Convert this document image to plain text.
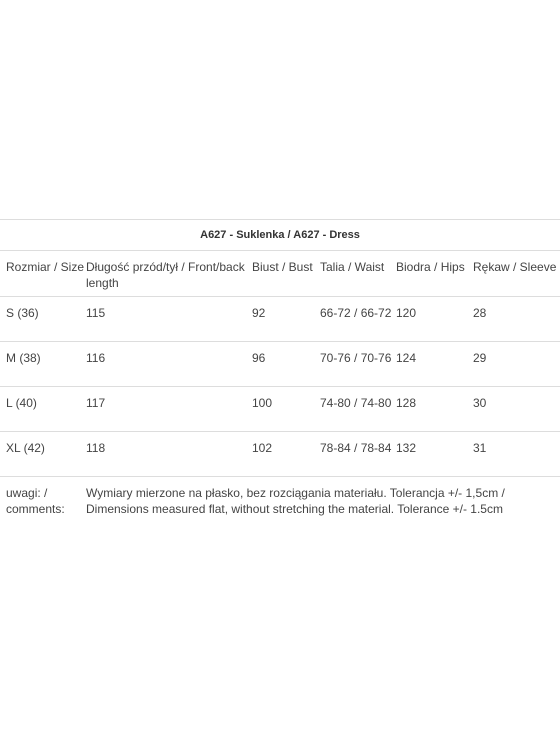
A627 - Suklenka / A627 - Dress					
Rozmiar / Size	Długość przód/tył / Front/back length	Biust / Bust	Talia / Waist	Biodra / Hips	Rękaw / Sleeve
S (36)	115	92	66-72 / 66-72	120	28
M (38)	116	96	70-76 / 70-76	124	29
L (40)	117	100	74-80 / 74-80	128	30
XL (42)	118	102	78-84 / 78-84	132	31
uwagi: / comments:	Wymiary mierzone na płasko, bez rozciągania materiału. Tolerancja +/- 1,5cm / Dimensions measured flat, without stretching the material. Tolerance +/- 1.5cm				
